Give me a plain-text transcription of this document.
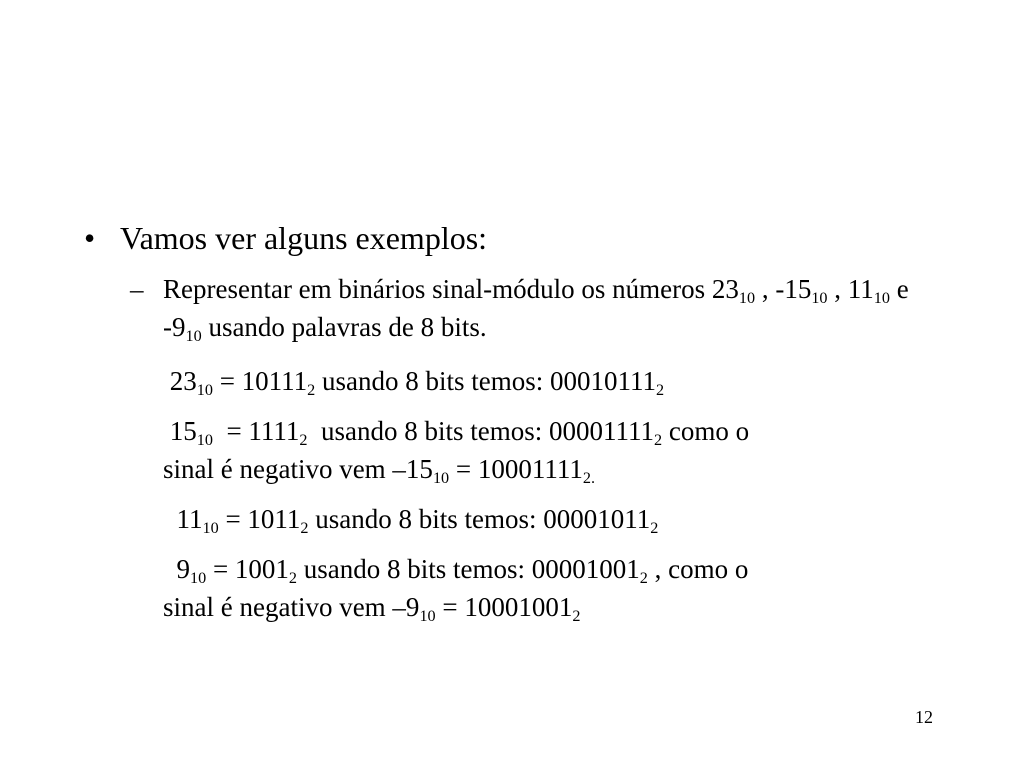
• Vamos ver alguns exemplos:
– Representar em binários sinal-módulo os números $23_{10}$ , $-15_{10}$ , $11_{10}$ e $-9_{10}$ usando palavras de 8 bits.
$23_{10} = 10111_2$ usando 8 bits temos: $00010111_2$
$15_{10} = 1111_2$  usando 8 bits temos: $00001111_2$ como o
sinal é negativo vem $-15_{10} = 10001111_{2.}$
$11_{10} = 1011_2$ usando 8 bits temos: $00001011_2$
$9_{10} = 1001_2$ usando 8 bits temos: $00001001_2$ , como o
sinal é negativo vem $-9_{10} = 10001001_2$
12
